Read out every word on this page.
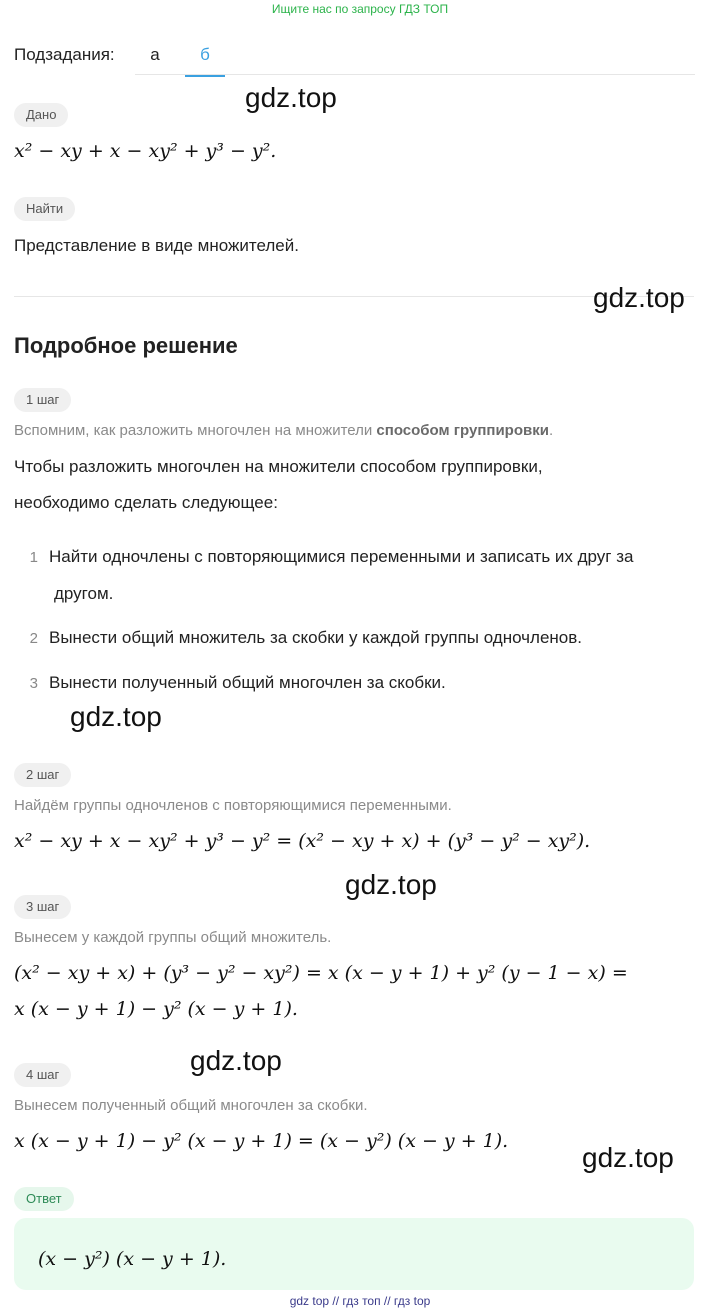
Ищите нас по запросу ГДЗ ТОП
Подзадания:	а	б
Дано
x² − xy + x − xy² + y³ − y².
Найти
Представление в виде множителей.
Подробное решение
1 шаг
Вспомним, как разложить многочлен на множители способом группировки.
Чтобы разложить многочлен на множители способом группировки,
необходимо сделать следующее:
1 Найти одночлены с повторяющимися переменными и записать их друг за
другом.
2 Вынести общий множитель за скобки у каждой группы одночленов.
3 Вынести полученный общий многочлен за скобки.
2 шаг
Найдём группы одночленов с повторяющимися переменными.
x² − xy + x − xy² + y³ − y² = (x² − xy + x) + (y³ − y² − xy²).
3 шаг
Вынесем у каждой группы общий множитель.
(x² − xy + x) + (y³ − y² − xy²) = x (x − y + 1) + y² (y − 1 − x) =
x (x − y + 1) − y² (x − y + 1).
4 шаг
Вынесем полученный общий многочлен за скобки.
x (x − y + 1) − y² (x − y + 1) = (x − y²) (x − y + 1).
Ответ
(x − y²) (x − y + 1).
gdz.top
gdz.top
gdz.top
gdz.top
gdz.top
gdz.top
gdz top // гдз топ // гдз top
